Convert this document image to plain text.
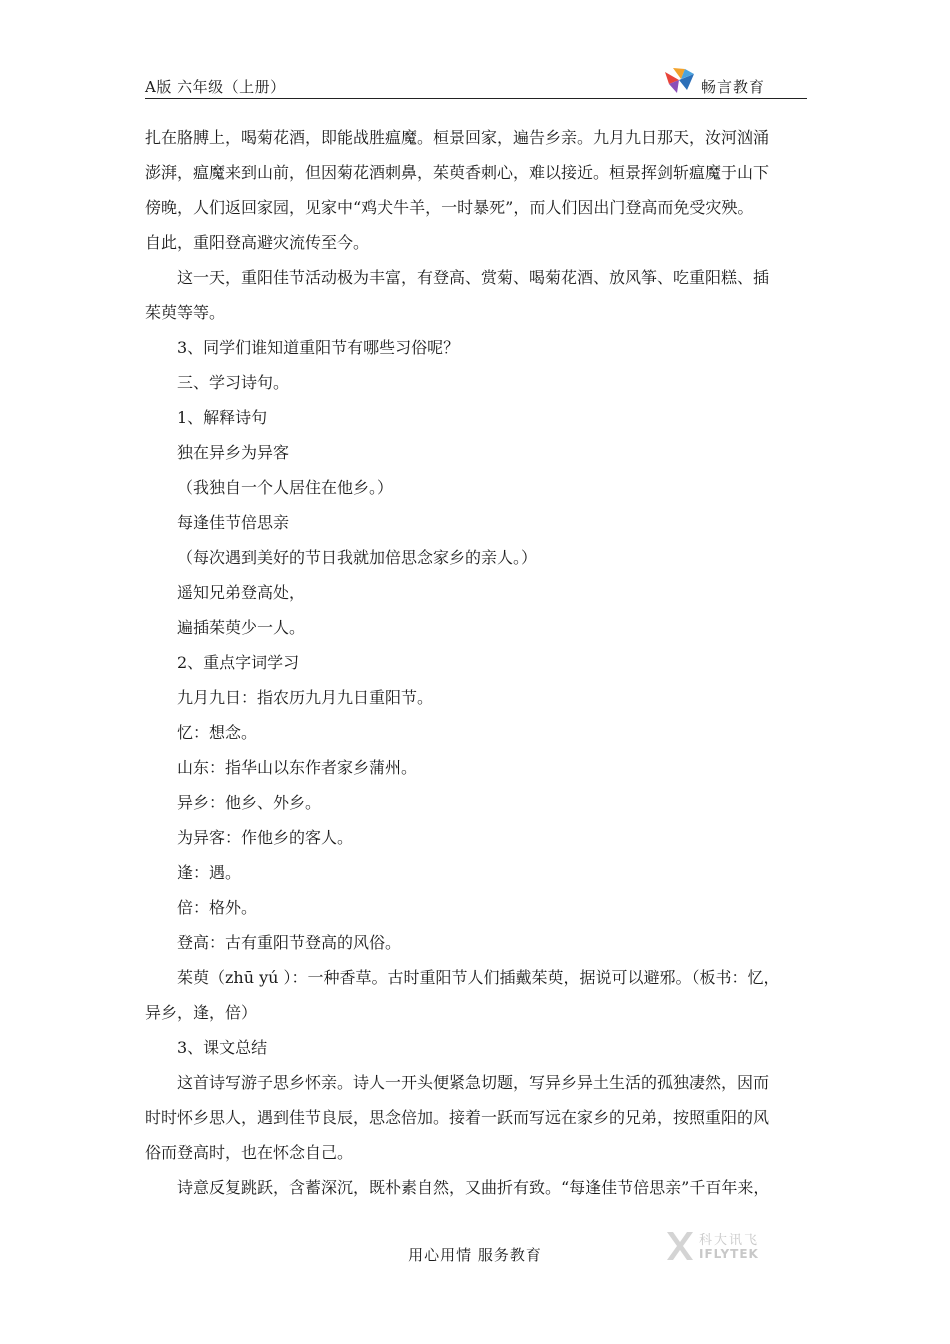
A版 六年级（上册）	畅言教育

扎在胳膊上，喝菊花酒，即能战胜瘟魔。桓景回家，遍告乡亲。九月九日那天，汝河汹涌

澎湃，瘟魔来到山前，但因菊花酒刺鼻，茱萸香刺心，难以接近。桓景挥剑斩瘟魔于山下

傍晚，人们返回家园，见家中“鸡犬牛羊，一时暴死”，而人们因出门登高而免受灾殃。

自此，重阳登高避灾流传至今。

这一天，重阳佳节活动极为丰富，有登高、赏菊、喝菊花酒、放风筝、吃重阳糕、插

茱萸等等。

3、同学们谁知道重阳节有哪些习俗呢？

三、学习诗句。

1、解释诗句

独在异乡为异客

（我独自一个人居住在他乡。）

每逢佳节倍思亲

（每次遇到美好的节日我就加倍思念家乡的亲人。）

遥知兄弟登高处，

遍插茱萸少一人。

2、重点字词学习

九月九日：指农历九月九日重阳节。

忆：想念。

山东：指华山以东作者家乡蒲州。

异乡：他乡、外乡。

为异客：作他乡的客人。

逢：遇。

倍：格外。

登高：古有重阳节登高的风俗。

茱萸（zhū yú ）：一种香草。古时重阳节人们插戴茱萸，据说可以避邪。（板书：忆，

异乡，逢，倍）

3、课文总结

这首诗写游子思乡怀亲。诗人一开头便紧急切题，写异乡异土生活的孤独凄然，因而

时时怀乡思人，遇到佳节良辰，思念倍加。接着一跃而写远在家乡的兄弟，按照重阳的风

俗而登高时，也在怀念自己。

诗意反复跳跃，含蓄深沉，既朴素自然，又曲折有致。“每逢佳节倍思亲”千百年来，

用心用情 服务教育
科大讯飞
IFLYTEK
